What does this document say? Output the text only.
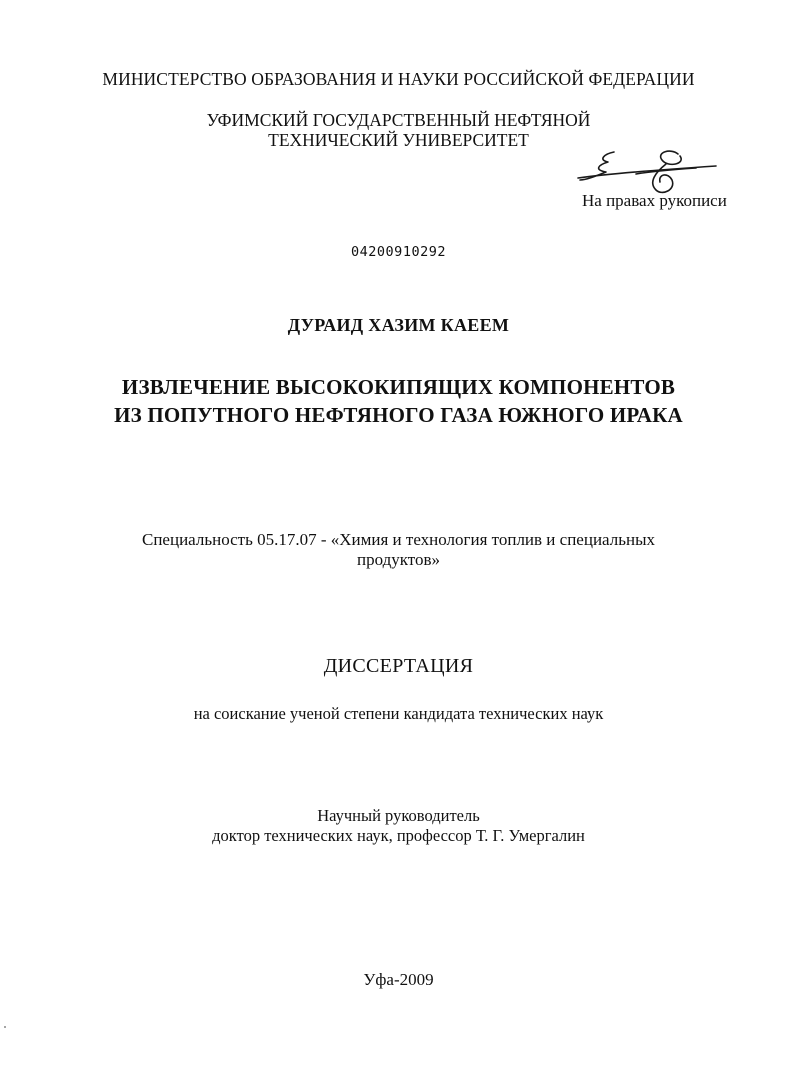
МИНИСТЕРСТВО ОБРАЗОВАНИЯ И НАУКИ РОССИЙСКОЙ ФЕДЕРАЦИИ
УФИМСКИЙ ГОСУДАРСТВЕННЫЙ НЕФТЯНОЙ
ТЕХНИЧЕСКИЙ УНИВЕРСИТЕТ
На правах рукописи
04200910292
ДУРАИД ХАЗИМ КАЕЕМ
ИЗВЛЕЧЕНИЕ ВЫСОКОКИПЯЩИХ КОМПОНЕНТОВ
ИЗ ПОПУТНОГО НЕФТЯНОГО ГАЗА ЮЖНОГО ИРАКА
Специальность 05.17.07 - «Химия и технология топлив и специальных
продуктов»
ДИССЕРТАЦИЯ
на соискание ученой степени кандидата технических наук
Научный руководитель
доктор технических наук, профессор Т. Г. Умергалин
Уфа-2009
